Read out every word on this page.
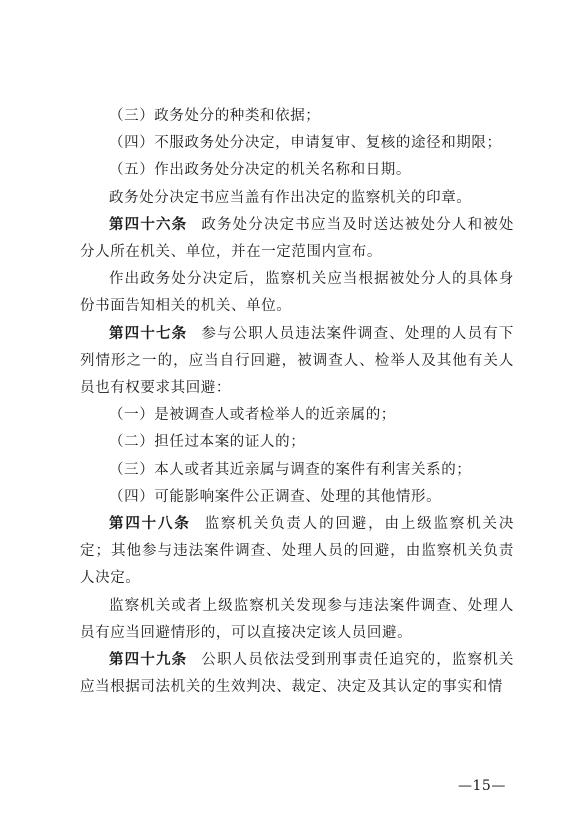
（三）政务处分的种类和依据；

（四）不服政务处分决定，申请复审、复核的途径和期限；

（五）作出政务处分决定的机关名称和日期。

政务处分决定书应当盖有作出决定的监察机关的印章。

第四十六条 政务处分决定书应当及时送达被处分人和被处分人所在机关、单位，并在一定范围内宣布。

作出政务处分决定后，监察机关应当根据被处分人的具体身份书面告知相关的机关、单位。

第四十七条 参与公职人员违法案件调查、处理的人员有下列情形之一的，应当自行回避，被调查人、检举人及其他有关人员也有权要求其回避：

（一）是被调查人或者检举人的近亲属的；

（二）担任过本案的证人的；

（三）本人或者其近亲属与调查的案件有利害关系的；

（四）可能影响案件公正调查、处理的其他情形。

第四十八条 监察机关负责人的回避，由上级监察机关决定；其他参与违法案件调查、处理人员的回避，由监察机关负责人决定。

监察机关或者上级监察机关发现参与违法案件调查、处理人员有应当回避情形的，可以直接决定该人员回避。

第四十九条 公职人员依法受到刑事责任追究的，监察机关应当根据司法机关的生效判决、裁定、决定及其认定的事实和情

—15—
